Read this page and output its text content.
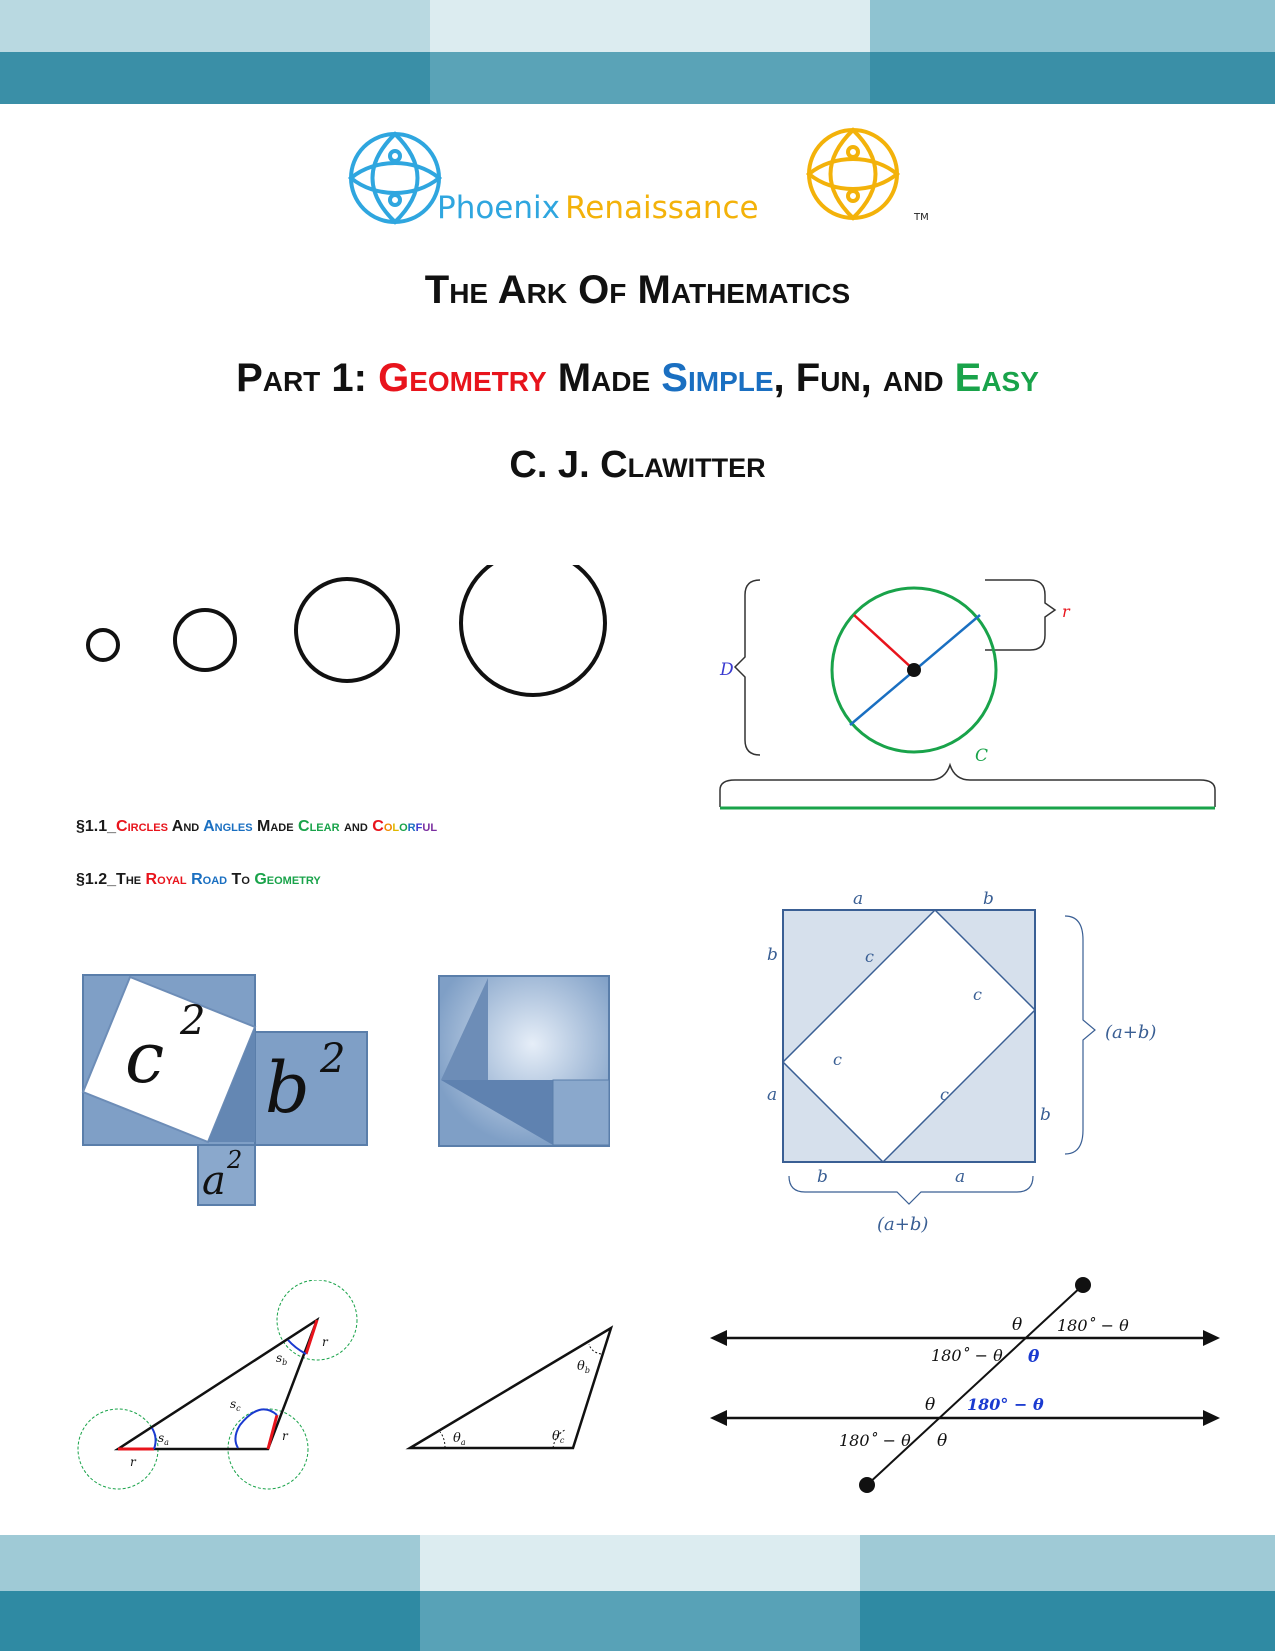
Phoenix Renaissance	TM
The Ark Of Mathematics
Part 1: Geometry Made Simple, Fun, and Easy
C. J. Clawitter
r
D
C
§1.1_Circles And Angles Made Clear and Colorful
§1.2_The Royal Road To Geometry
c 2
b 2
a 2
a	b
b
a
b
b	a
c
c
c
c
(a+b)
(a+b)
r
r
r
$s_a$
$s_c$
$s_b$
$\theta_a$	$\theta_c$
$\theta_b$
θ 180˚ − θ
180˚ − θ θ
θ 180° − θ
180˚ − θ θ
